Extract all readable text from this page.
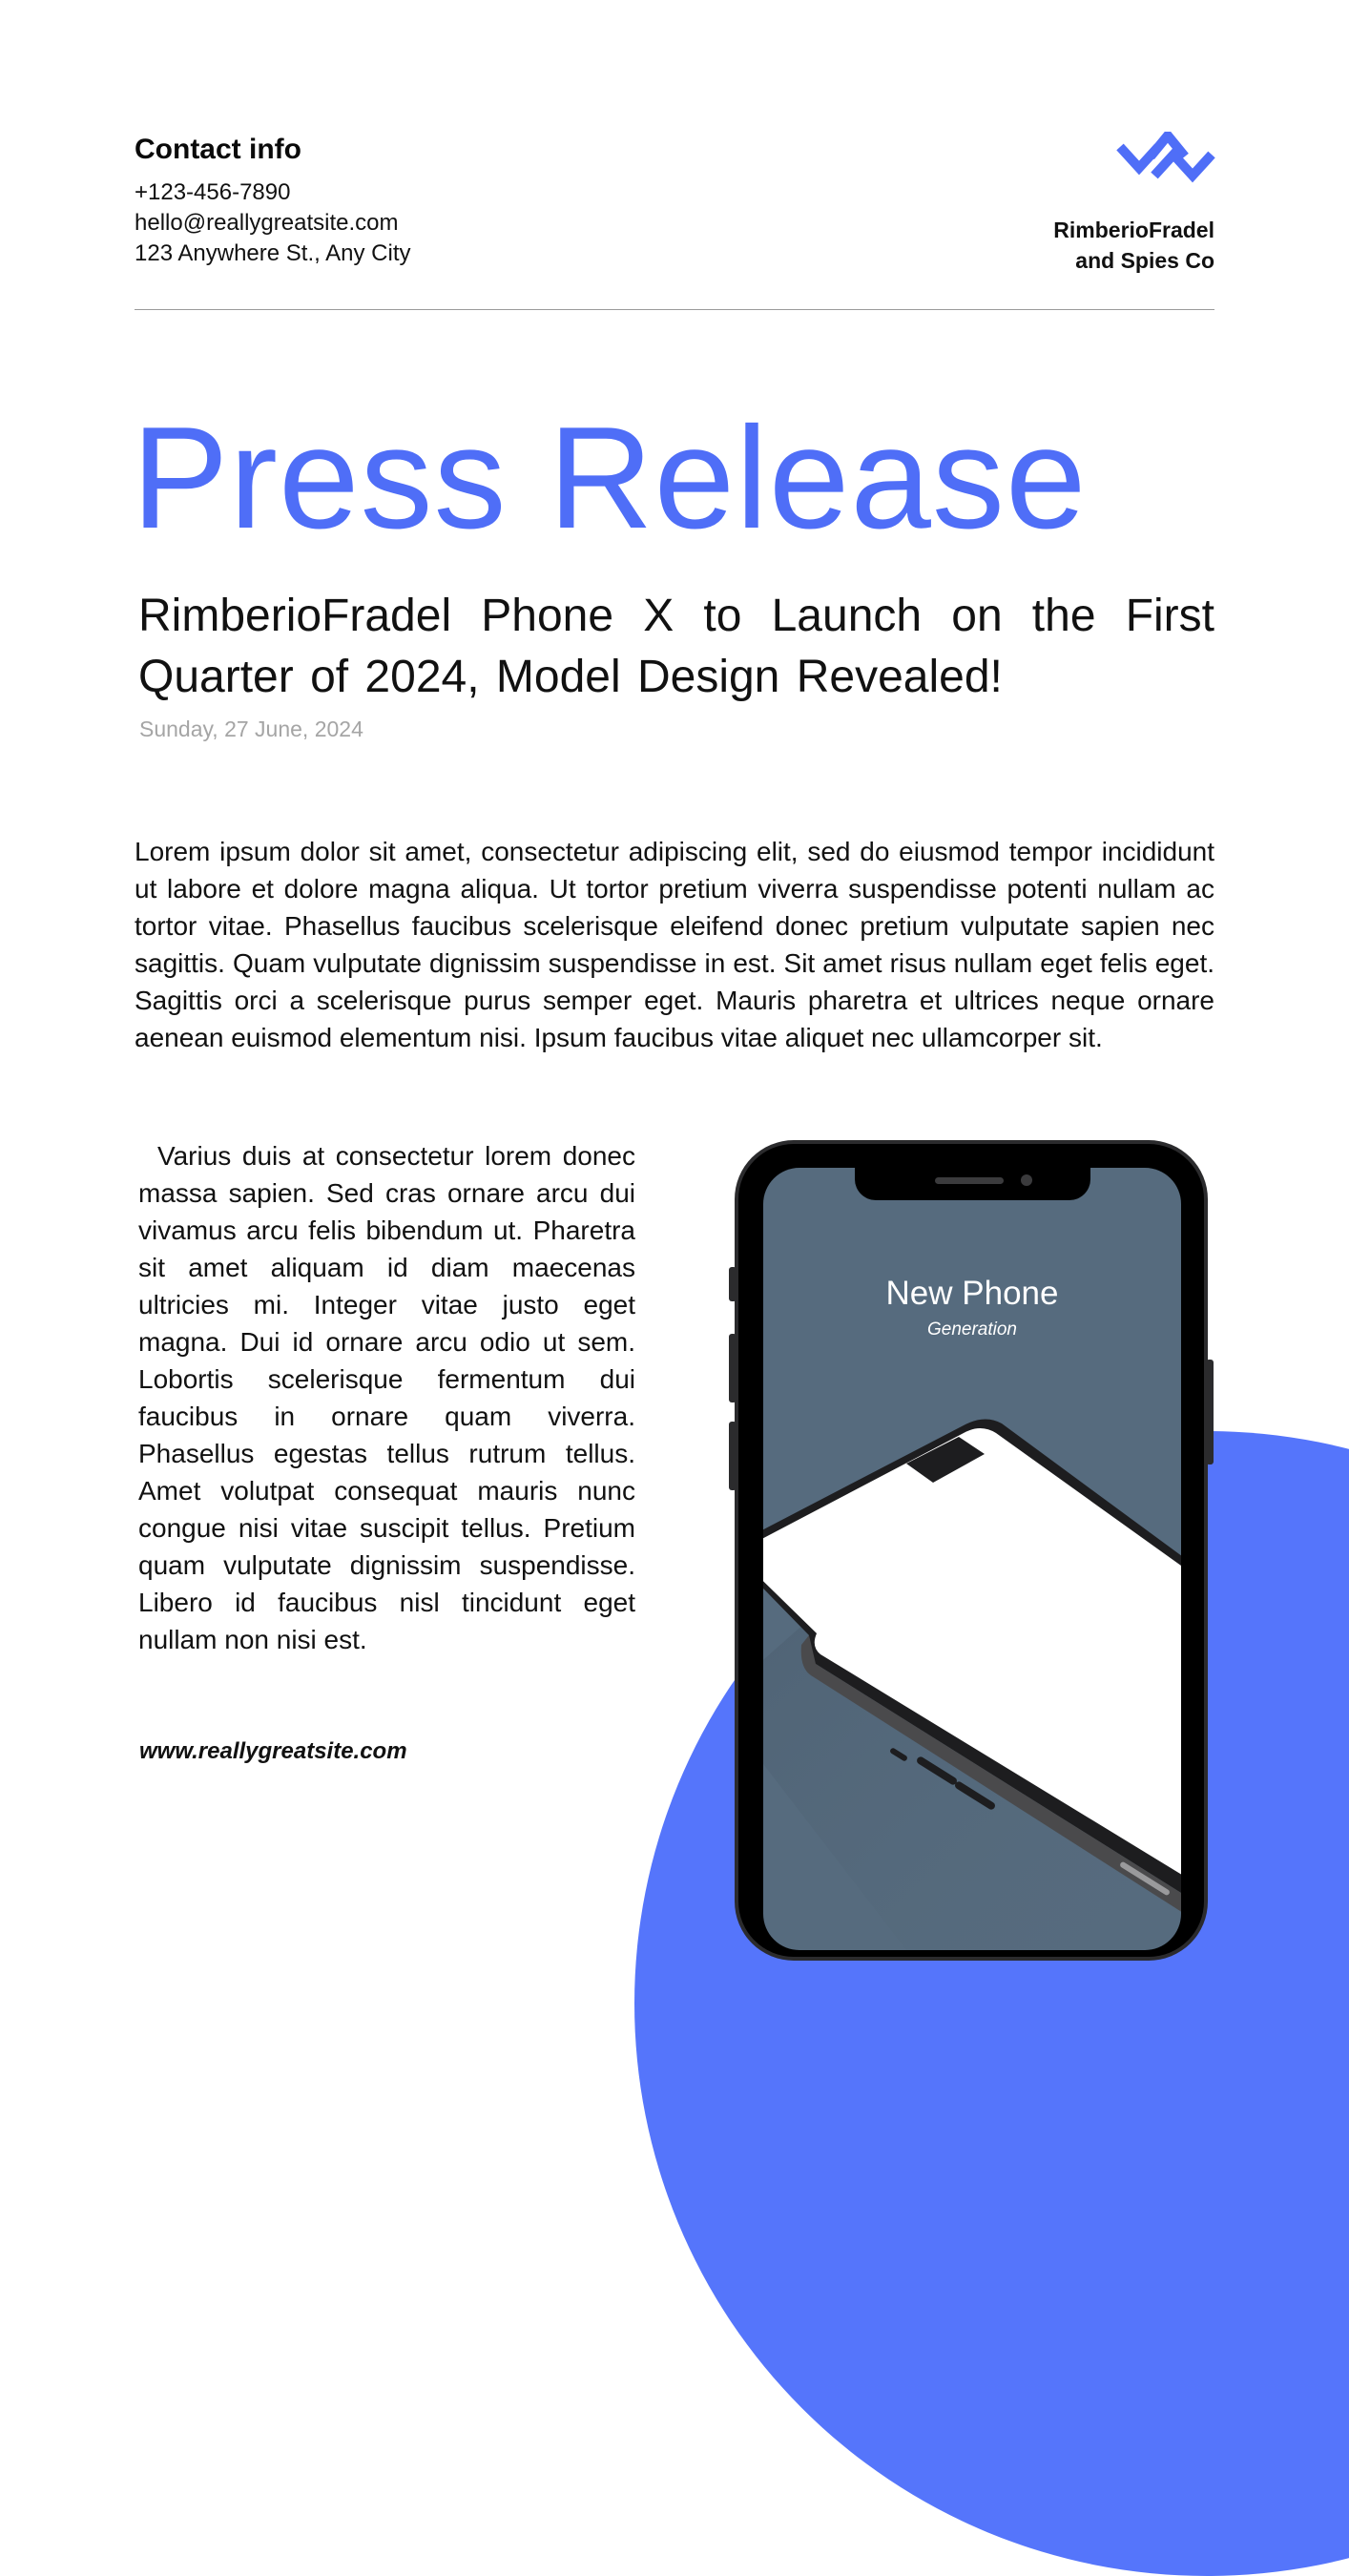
Contact info
+123-456-7890
hello@reallygreatsite.com
123 Anywhere St., Any City
RimberioFradel
and Spies Co
Press Release
RimberioFradel Phone X to Launch on the First Quarter of 2024, Model Design Revealed!
Sunday, 27 June, 2024
Lorem ipsum dolor sit amet, consectetur adipiscing elit, sed do eiusmod tempor incididunt ut labore et dolore magna aliqua. Ut tortor pretium viverra suspendisse potenti nullam ac tortor vitae. Phasellus faucibus scelerisque eleifend donec pretium vulputate sapien nec sagittis. Quam vulputate dignissim suspendisse in est. Sit amet risus nullam eget felis eget. Sagittis orci a scelerisque purus semper eget. Mauris pharetra et ultrices neque ornare aenean euismod elementum nisi. Ipsum faucibus vitae aliquet nec ullamcorper sit.
Varius duis at consectetur lorem donec massa sapien. Sed cras ornare arcu dui vivamus arcu felis bibendum ut. Pharetra sit amet aliquam id diam maecenas ultricies mi. Integer vitae justo eget magna. Dui id ornare arcu odio ut sem. Lobortis scelerisque fermentum dui faucibus in ornare quam viverra. Phasellus egestas tellus rutrum tellus. Amet volutpat consequat mauris nunc congue nisi vitae suscipit tellus. Pretium quam vulputate dignissim suspendisse. Libero id faucibus nisl tincidunt eget nullam non nisi est.
www.reallygreatsite.com
New Phone
Generation
